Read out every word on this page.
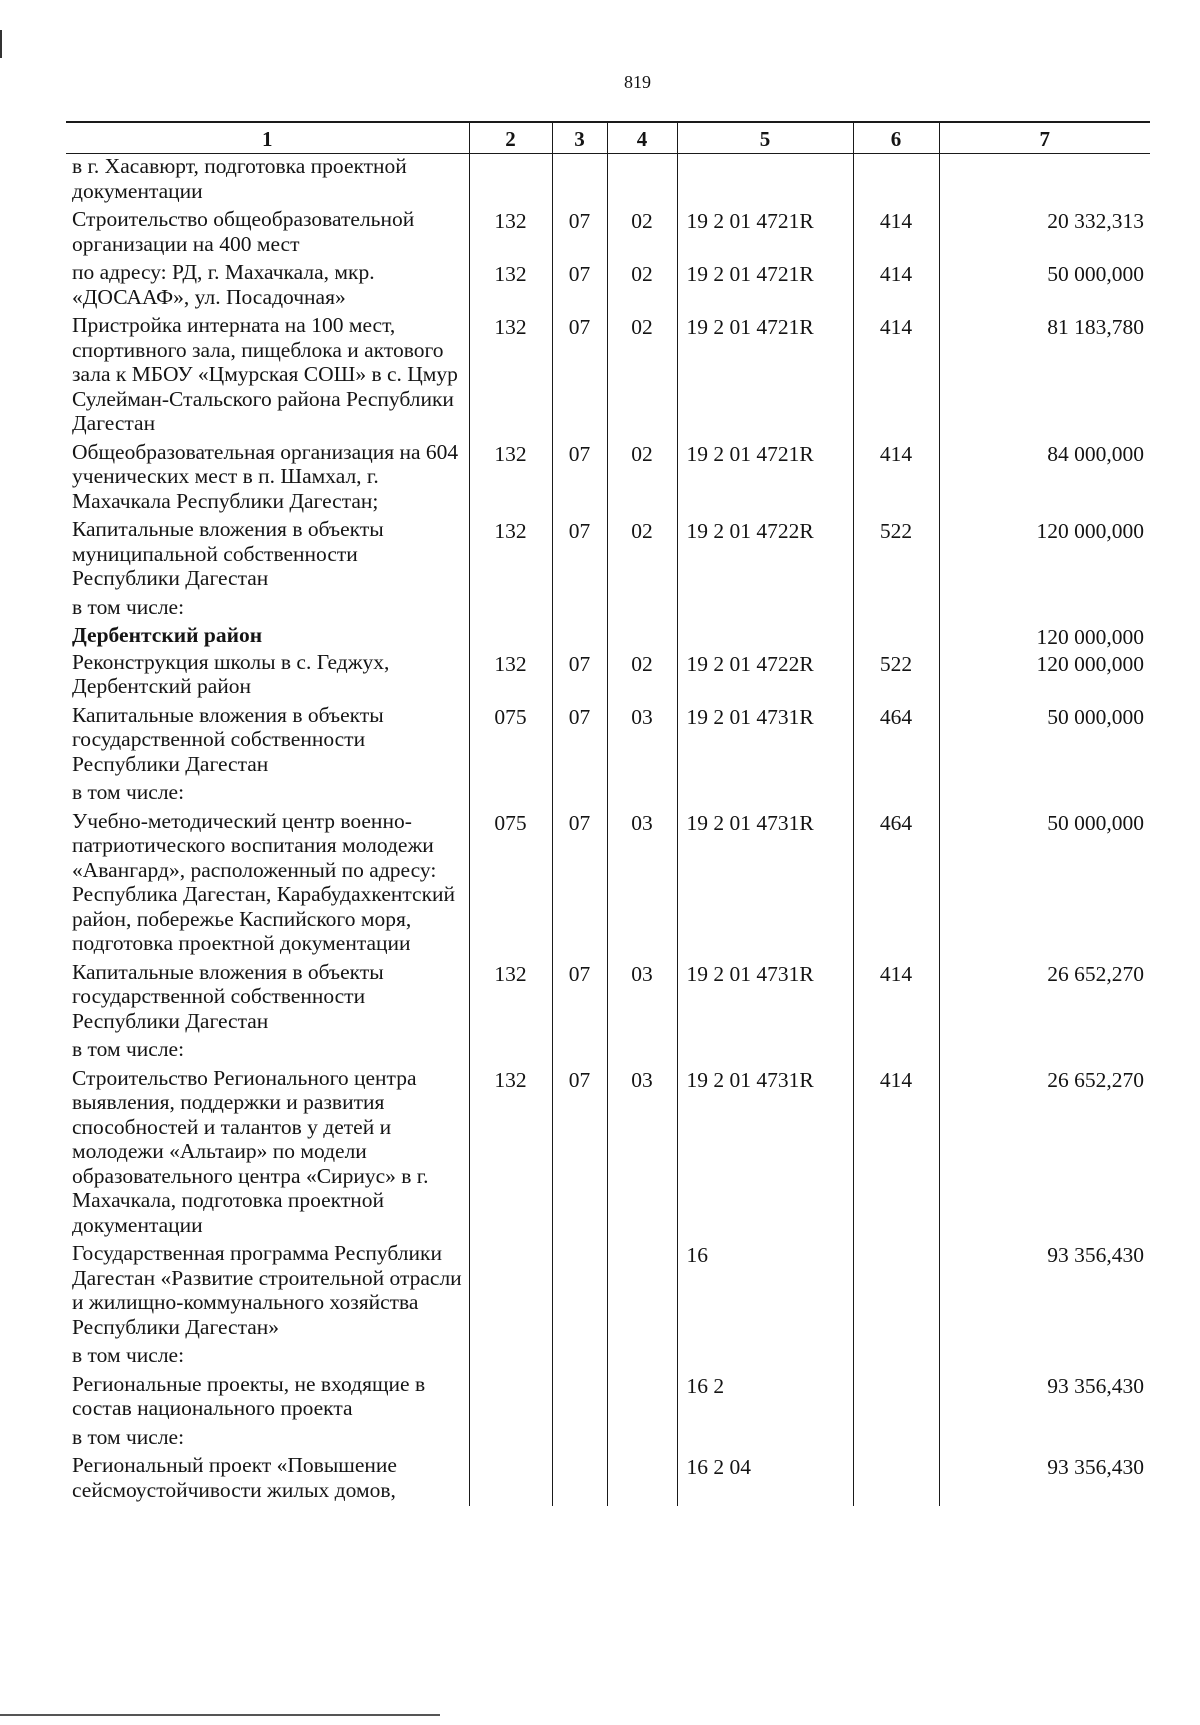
819
1	2	3	4	5	6	7
в г. Хасавюрт, подготовка проектной документации						
Строительство общеобразовательной организации на 400 мест	132	07	02	19 2 01 4721R	414	20 332,313
по адресу: РД, г. Махачкала, мкр. «ДОСААФ», ул. Посадочная»	132	07	02	19 2 01 4721R	414	50 000,000
Пристройка интерната на 100 мест, спортивного зала, пищеблока и актового зала к МБОУ «Цмурская СОШ» в с. Цмур Сулейман-Стальского района Республики Дагестан	132	07	02	19 2 01 4721R	414	81 183,780
Общеобразовательная организация на 604 ученических мест в п. Шамхал, г. Махачкала Республики Дагестан;	132	07	02	19 2 01 4721R	414	84 000,000
Капитальные вложения в объекты муниципальной собственности Республики Дагестан	132	07	02	19 2 01 4722R	522	120 000,000
в том числе:						
Дербентский район						120 000,000
Реконструкция школы в с. Геджух, Дербентский район	132	07	02	19 2 01 4722R	522	120 000,000
Капитальные вложения в объекты государственной собственности Республики Дагестан	075	07	03	19 2 01 4731R	464	50 000,000
в том числе:						
Учебно-методический центр военно-патриотического воспитания молодежи «Авангард», расположенный по адресу: Республика Дагестан, Карабудахкентский район, побережье Каспийского моря, подготовка проектной документации	075	07	03	19 2 01 4731R	464	50 000,000
Капитальные вложения в объекты государственной собственности Республики Дагестан	132	07	03	19 2 01 4731R	414	26 652,270
в том числе:						
Строительство Регионального центра выявления, поддержки и развития способностей и талантов у детей и молодежи «Альтаир» по модели образовательного центра «Сириус» в г. Махачкала, подготовка проектной документации	132	07	03	19 2 01 4731R	414	26 652,270
Государственная программа Республики Дагестан «Развитие строительной отрасли и жилищно-коммунального хозяйства Республики Дагестан»				16		93 356,430
в том числе:						
Региональные проекты, не входящие в состав национального проекта				16 2		93 356,430
в том числе:						
Региональный проект «Повышение сейсмоустойчивости жилых домов,				16 2 04		93 356,430
